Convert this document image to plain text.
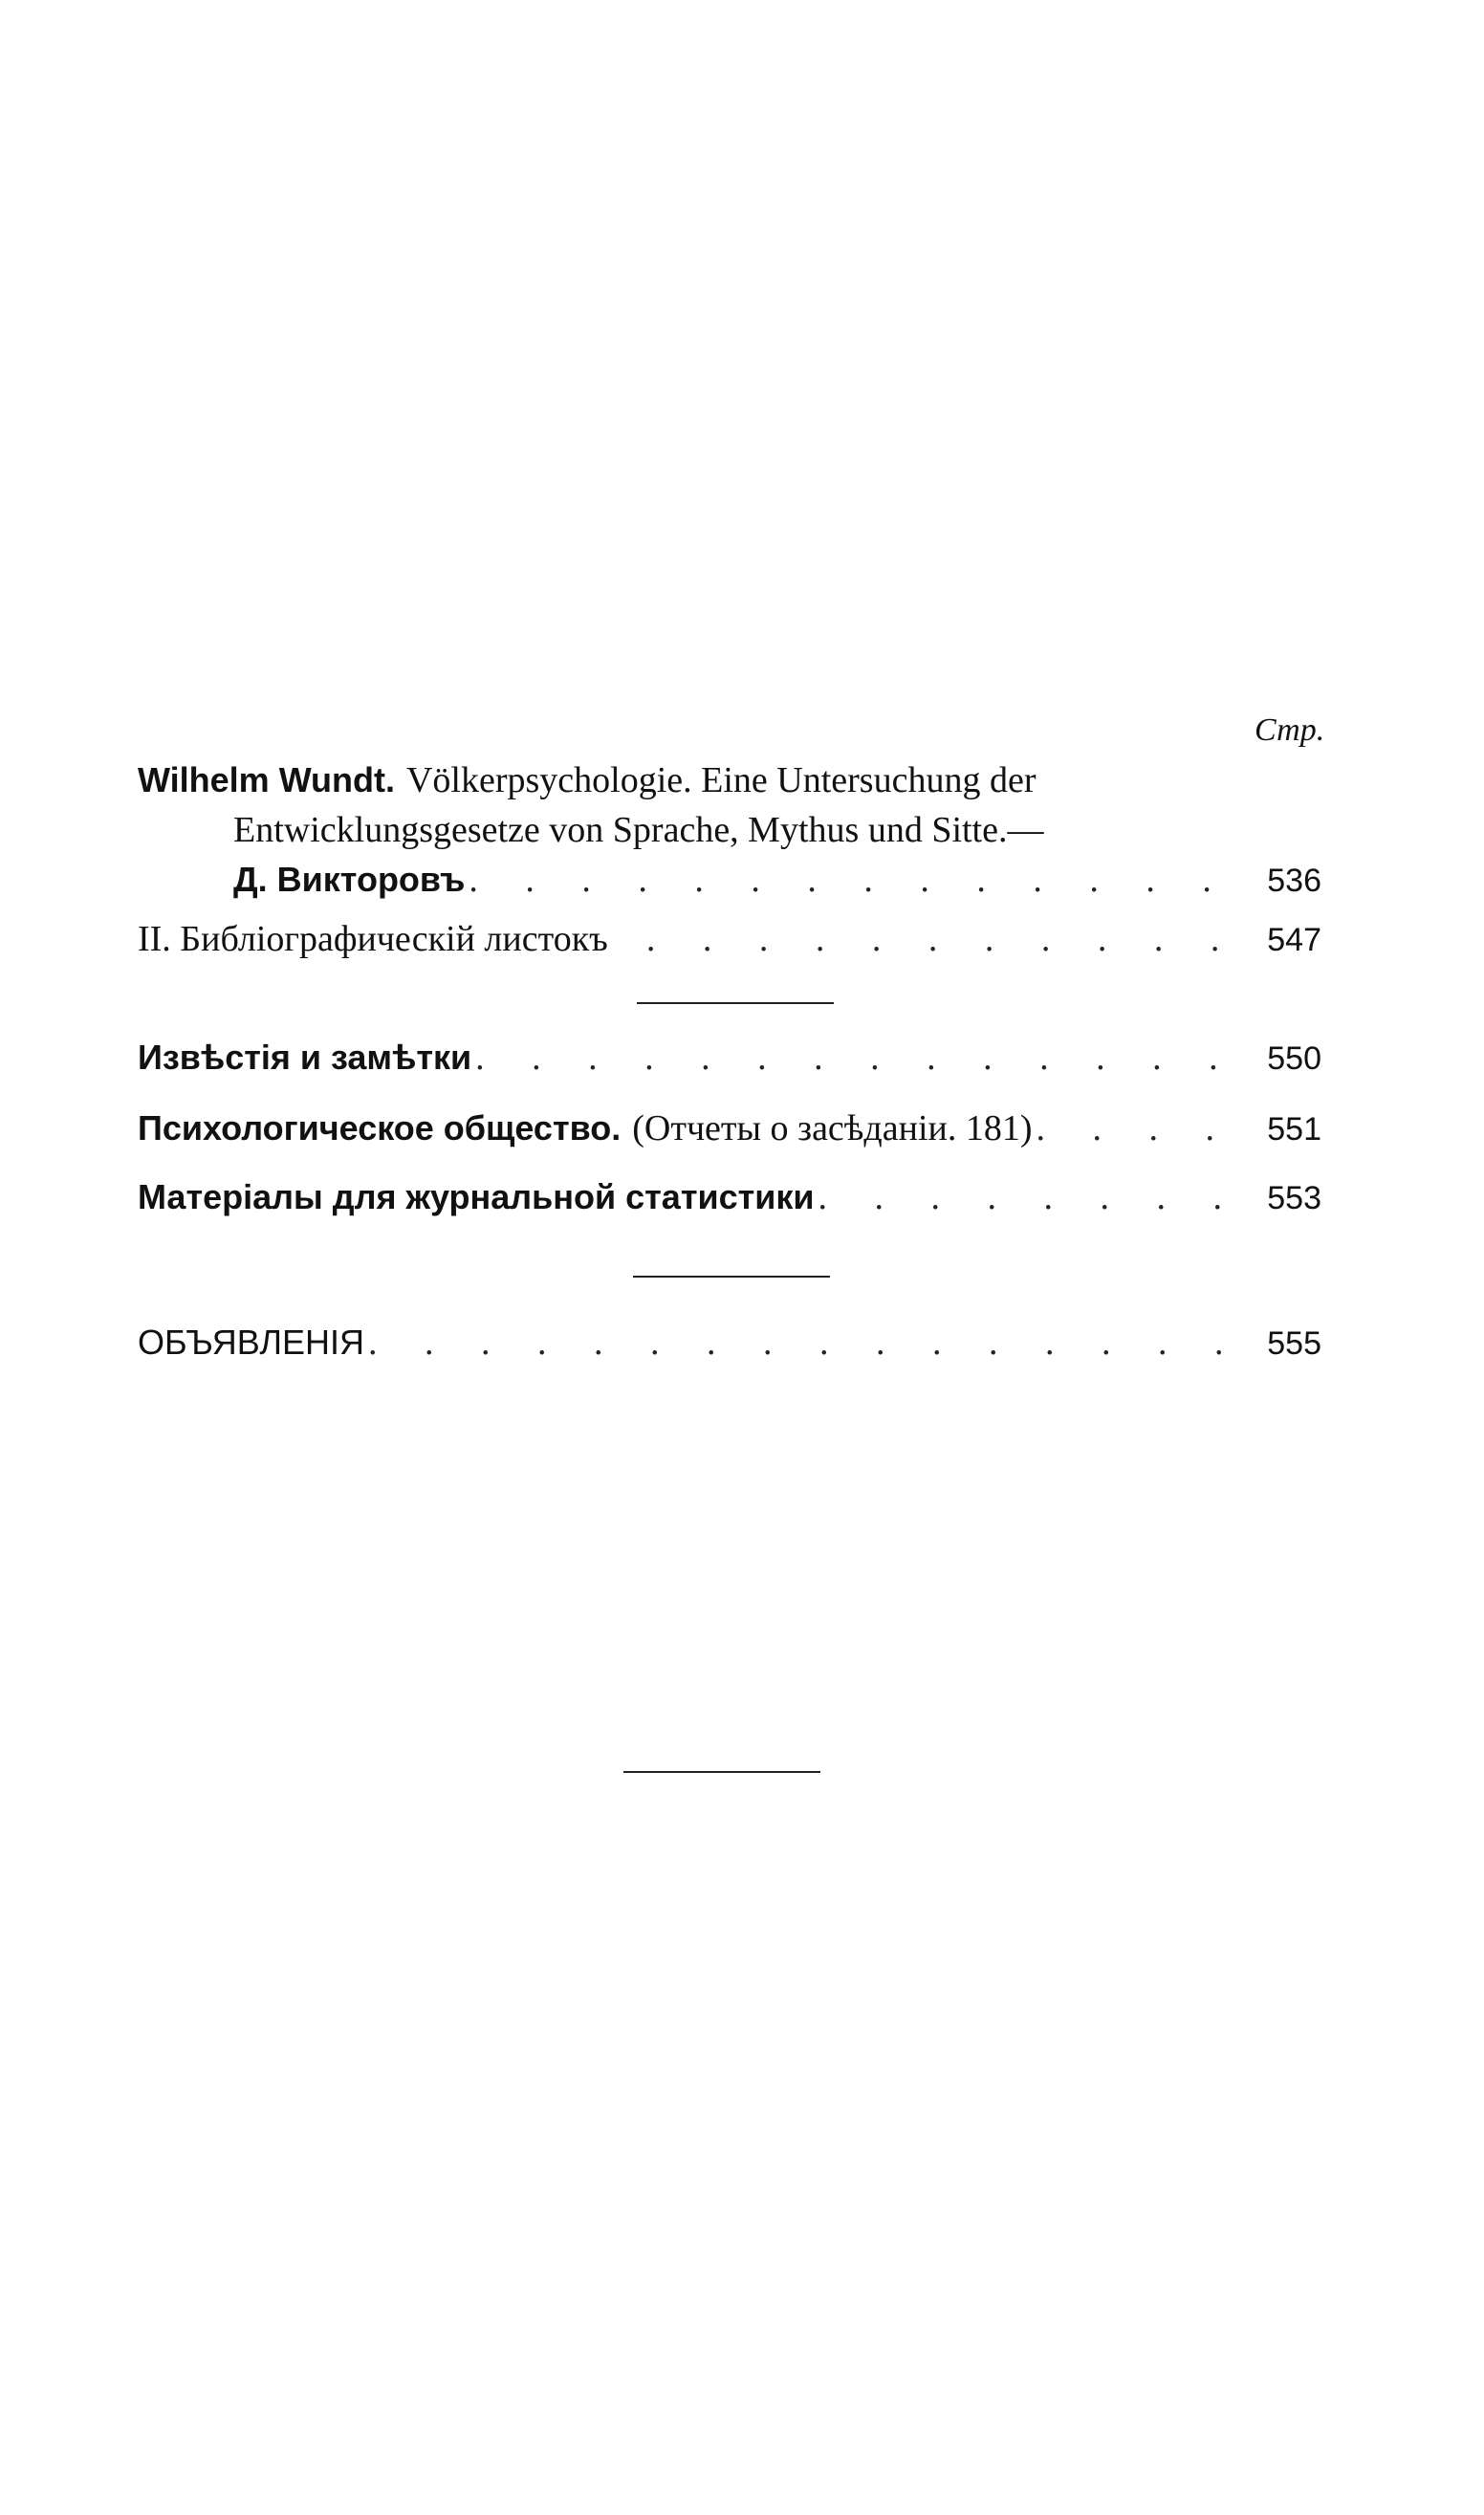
Стр.
Wilhelm Wundt. Völkerpsychologie. Eine Untersuchung der
Entwicklungsgesetze von Sprache, Mythus und Sitte.—
Д. Викторовъ . . .	536
II. Библіографическій листокъ . . .	547
Извѣстія и замѣтки . . .	550
Психологическое общество. (Отчеты о засѣданіи. 181) . . .	551
Матеріалы для журнальной статистики . . .	553
ОБЪЯВЛЕНІЯ . . .	555
